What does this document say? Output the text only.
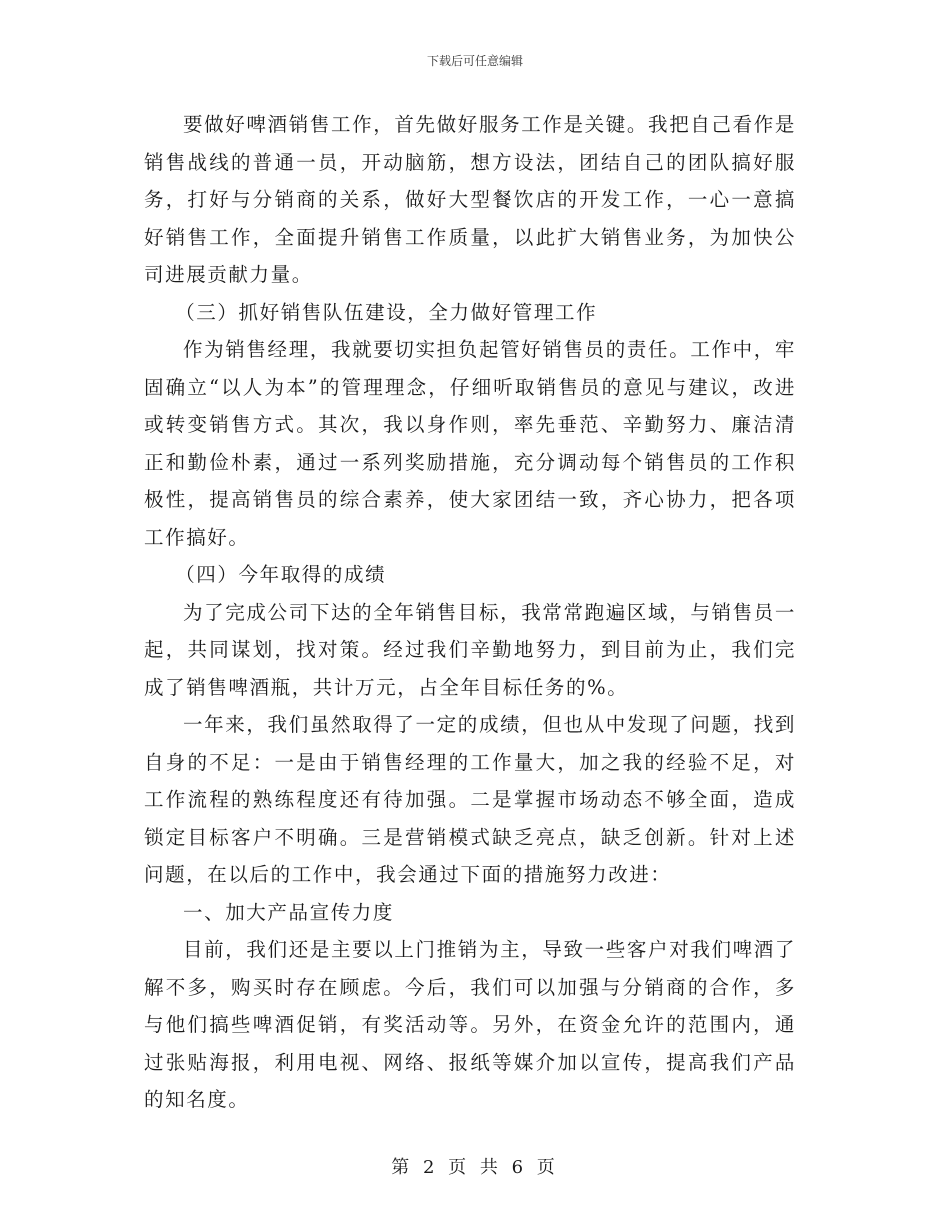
下载后可任意编辑

要做好啤酒销售工作，首先做好服务工作是关键。我把自己看作是销售战线的普通一员，开动脑筋，想方设法，团结自己的团队搞好服务，打好与分销商的关系，做好大型餐饮店的开发工作，一心一意搞好销售工作，全面提升销售工作质量，以此扩大销售业务，为加快公司进展贡献力量。

（三）抓好销售队伍建设，全力做好管理工作

作为销售经理，我就要切实担负起管好销售员的责任。工作中，牢固确立“以人为本”的管理理念，仔细听取销售员的意见与建议，改进或转变销售方式。其次，我以身作则，率先垂范、辛勤努力、廉洁清正和勤俭朴素，通过一系列奖励措施，充分调动每个销售员的工作积极性，提高销售员的综合素养，使大家团结一致，齐心协力，把各项工作搞好。

（四）今年取得的成绩

为了完成公司下达的全年销售目标，我常常跑遍区域，与销售员一起，共同谋划，找对策。经过我们辛勤地努力，到目前为止，我们完成了销售啤酒瓶，共计万元，占全年目标任务的%。

一年来，我们虽然取得了一定的成绩，但也从中发现了问题，找到自身的不足：一是由于销售经理的工作量大，加之我的经验不足，对工作流程的熟练程度还有待加强。二是掌握市场动态不够全面，造成锁定目标客户不明确。三是营销模式缺乏亮点，缺乏创新。针对上述问题，在以后的工作中，我会通过下面的措施努力改进：

一、加大产品宣传力度

目前，我们还是主要以上门推销为主，导致一些客户对我们啤酒了解不多，购买时存在顾虑。今后，我们可以加强与分销商的合作，多与他们搞些啤酒促销，有奖活动等。另外，在资金允许的范围内，通过张贴海报，利用电视、网络、报纸等媒介加以宣传，提高我们产品的知名度。

第 2 页 共 6 页
